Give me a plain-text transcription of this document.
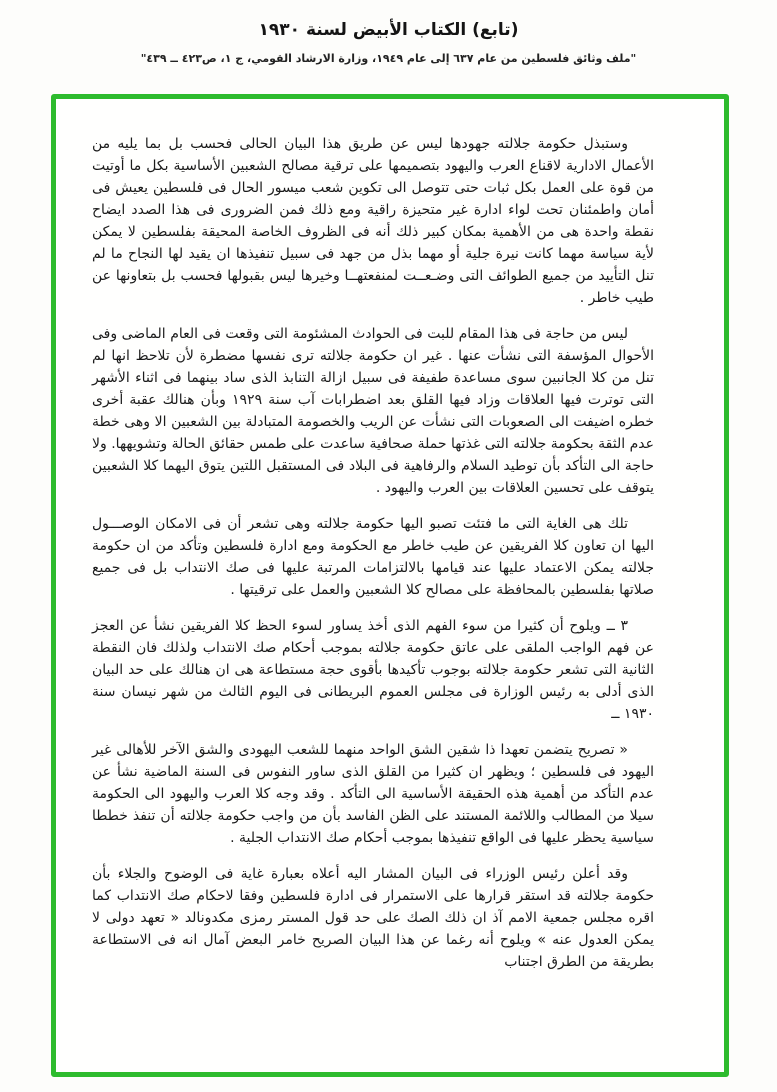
(تابع) الكتاب الأبيض لسنة ١٩٣٠
"ملف وثائق فلسطين من عام ٦٣٧ إلى عام ١٩٤٩، وزارة الارشاد القومي، ج ١، ص٤٢٣ ــ ٤٣٩"

وستبذل حكومة جلالته جهودها ليس عن طريق هذا البيان الحالى فحسب بل بما يليه من الأعمال الادارية لاقناع العرب واليهود بتصميمها على ترقية مصالح الشعبين الأساسية بكل ما أوتيت من قوة على العمل بكل ثبات حتى تتوصل الى تكوين شعب ميسور الحال فى فلسطين يعيش فى أمان واطمئنان تحت لواء ادارة غير متحيزة راقية ومع ذلك فمن الضرورى فى هذا الصدد ايضاح نقطة واحدة هى من الأهمية بمكان كبير ذلك أنه فى الظروف الخاصة المحيقة بفلسطين لا يمكن لأية سياسة مهما كانت نيرة جلية أو مهما بذل من جهد فى سبيل تنفيذها ان يقيد لها النجاح ما لم تنل التأييد من جميع الطوائف التى وضـعــت لمنفعتهــا وخيرها ليس بقبولها فحسب بل بتعاونها عن طيب خاطر .

ليس من حاجة فى هذا المقام للبت فى الحوادث المشئومة التى وقعت فى العام الماضى وفى الأحوال المؤسفة التى نشأت عنها . غير ان حكومة جلالته ترى نفسها مضطرة لأن تلاحظ انها لم تنل من كلا الجانبين سوى مساعدة طفيفة فى سبيل ازالة التنابذ الذى ساد بينهما فى اثناء الأشهر التى توترت فيها العلاقات وزاد فيها القلق بعد اضطرابات آب سنة ١٩٢٩ وبأن هنالك عقبة أخرى خطره اضيفت الى الصعوبات التى نشأت عن الريب والخصومة المتبادلة بين الشعبين الا وهى خطة عدم الثقة بحكومة جلالته التى غذتها حملة صحافية ساعدت على طمس حقائق الحالة وتشويهها. ولا حاجة الى التأكد بأن توطيد السلام والرفاهية فى البلاد فى المستقبل اللتين يتوق اليهما كلا الشعبين يتوقف على تحسين العلاقات بين العرب واليهود .

تلك هى الغاية التى ما فتئت تصبو اليها حكومة جلالته وهى تشعر أن فى الامكان الوصـــول اليها ان تعاون كلا الفريقين عن طيب خاطر مع الحكومة ومع ادارة فلسطين وتأكد من ان حكومة جلالته يمكن الاعتماد عليها عند قيامها بالالتزامات المرتبة عليها فى صك الانتداب بل فى جميع صلاتها بفلسطين بالمحافظة على مصالح كلا الشعبين والعمل على ترقيتها .

٣ ــ ويلوح أن كثيرا من سوء الفهم الذى أخذ يساور لسوء الحظ كلا الفريقين نشأ عن العجز عن فهم الواجب الملقى على عاتق حكومة جلالته بموجب أحكام صك الانتداب ولذلك فان النقطة الثانية التى تشعر حكومة جلالته بوجوب تأكيدها بأقوى حجة مستطاعة هى ان هنالك على حد البيان الذى أدلى به رئيس الوزارة فى مجلس العموم البريطانى فى اليوم الثالث من شهر نيسان سنة ١٩٣٠ ــ

« تصريح يتضمن تعهدا ذا شقين الشق الواحد منهما للشعب اليهودى والشق الآخر للأهالى غير اليهود فى فلسطين ؛ ويظهر ان كثيرا من القلق الذى ساور النفوس فى السنة الماضية نشأ عن عدم التأكد من أهمية هذه الحقيقة الأساسية الى التأكد . وقد وجه كلا العرب واليهود الى الحكومة سيلا من المطالب واللائمة المستند على الظن الفاسد بأن من واجب حكومة جلالته أن تنفذ خططا سياسية يحظر عليها فى الواقع تنفيذها بموجب أحكام صك الانتداب الجلية .

وقد أعلن رئيس الوزراء فى البيان المشار اليه أعلاه بعبارة غاية فى الوضوح والجلاء بأن حكومة جلالته قد استقر قرارها على الاستمرار فى ادارة فلسطين وفقا لاحكام صك الانتداب كما اقره مجلس جمعية الامم آذ ان ذلك الصك على حد قول المستر رمزى مكدونالد « تعهد دولى لا يمكن العدول عنه » ويلوح أنه رغما عن هذا البيان الصريح خامر البعض آمال انه فى الاستطاعة بطريقة من الطرق اجتناب
